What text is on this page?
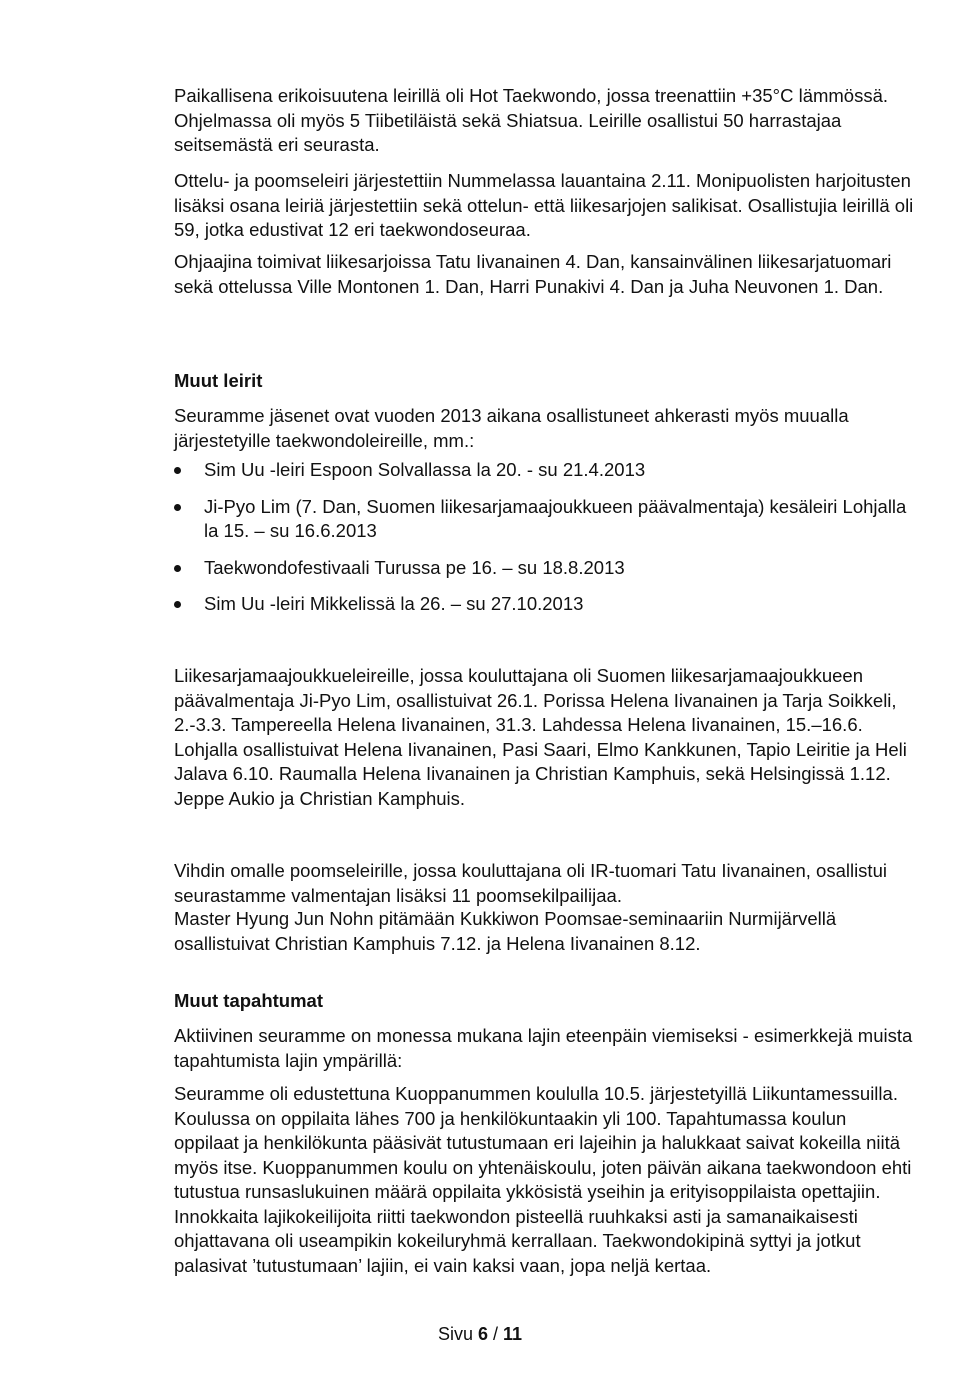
Paikallisena erikoisuutena leirillä oli Hot Taekwondo, jossa treenattiin +35°C lämmössä. Ohjelmassa oli myös 5 Tiibetiläistä sekä Shiatsua. Leirille osallistui 50 harrastajaa seitsemästä eri seurasta.

Ottelu- ja poomseleiri järjestettiin Nummelassa lauantaina 2.11. Monipuolisten harjoitusten lisäksi osana leiriä järjestettiin sekä ottelun- että liikesarjojen salikisat. Osallistujia leirillä oli 59, jotka edustivat 12 eri taekwondoseuraa.

Ohjaajina toimivat liikesarjoissa Tatu Iivanainen 4. Dan, kansainvälinen liikesarjatuomari sekä ottelussa Ville Montonen 1. Dan, Harri Punakivi 4. Dan ja Juha Neuvonen 1. Dan.

Muut leirit

Seuramme jäsenet ovat vuoden 2013 aikana osallistuneet ahkerasti myös muualla järjestetyille taekwondoleireille, mm.:

Sim Uu -leiri Espoon Solvallassa la 20. - su 21.4.2013
Ji-Pyo Lim (7. Dan, Suomen liikesarjamaajoukkueen päävalmentaja) kesäleiri Lohjalla la 15. – su 16.6.2013
Taekwondofestivaali Turussa pe 16. – su 18.8.2013
Sim Uu -leiri Mikkelissä la 26. – su 27.10.2013

Liikesarjamaajoukkueleireille, jossa kouluttajana oli Suomen liikesarjamaajoukkueen päävalmentaja Ji-Pyo Lim, osallistuivat 26.1. Porissa Helena Iivanainen ja Tarja Soikkeli, 2.-3.3. Tampereella Helena Iivanainen, 31.3. Lahdessa Helena Iivanainen, 15.–16.6. Lohjalla osallistuivat Helena Iivanainen, Pasi Saari, Elmo Kankkunen, Tapio Leiritie ja Heli Jalava 6.10. Raumalla Helena Iivanainen ja Christian Kamphuis, sekä Helsingissä 1.12. Jeppe Aukio ja Christian Kamphuis.

Vihdin omalle poomseleirille, jossa kouluttajana oli IR-tuomari Tatu Iivanainen, osallistui seurastamme valmentajan lisäksi 11 poomsekilpailijaa.

Master Hyung Jun Nohn pitämään Kukkiwon Poomsae-seminaariin Nurmijärvellä osallistuivat Christian Kamphuis 7.12. ja Helena Iivanainen 8.12.

Muut tapahtumat

Aktiivinen seuramme on monessa mukana lajin eteenpäin viemiseksi - esimerkkejä muista tapahtumista lajin ympärillä:

Seuramme oli edustettuna Kuoppanummen koululla 10.5. järjestetyillä Liikuntamessuilla. Koulussa on oppilaita lähes 700 ja henkilökuntaakin yli 100. Tapahtumassa koulun oppilaat ja henkilökunta pääsivät tutustumaan eri lajeihin ja halukkaat saivat kokeilla niitä myös itse. Kuoppanummen koulu on yhtenäiskoulu, joten päivän aikana taekwondoon ehti tutustua runsaslukuinen määrä oppilaita ykkösistä yseihin ja erityisoppilaista opettajiin. Innokkaita lajikokeilijoita riitti taekwondon pisteellä ruuhkaksi asti ja samanaikaisesti ohjattavana oli useampikin kokeiluryhmä kerrallaan. Taekwondokipinä syttyi ja jotkut palasivat ’tutustumaan’ lajiin, ei vain kaksi vaan, jopa neljä kertaa.

Sivu 6 / 11
